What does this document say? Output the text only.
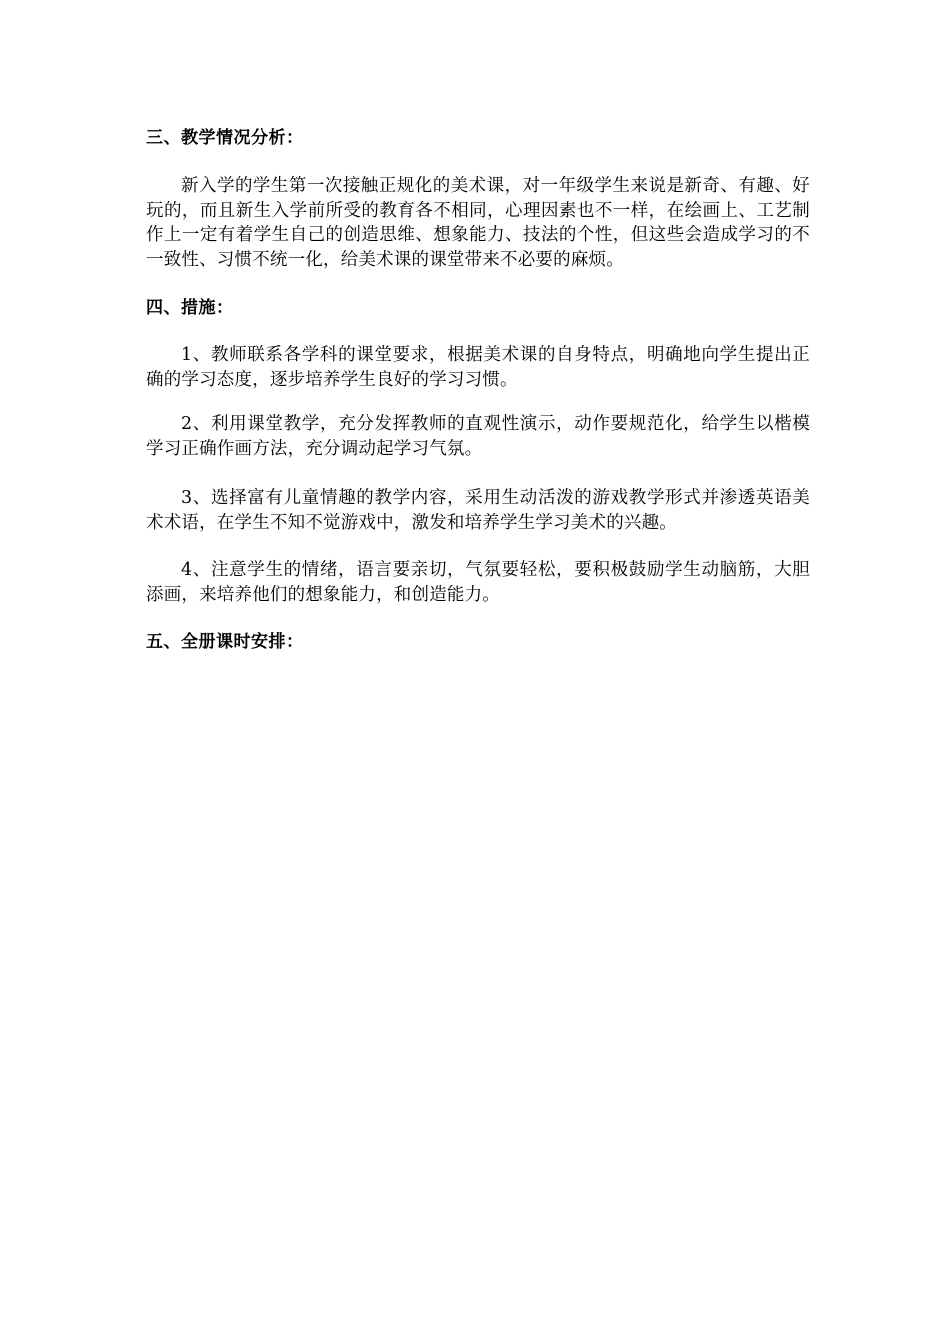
三、教学情况分析：
新入学的学生第一次接触正规化的美术课，对一年级学生来说是新奇、有趣、好玩的，而且新生入学前所受的教育各不相同，心理因素也不一样，在绘画上、工艺制作上一定有着学生自己的创造思维、想象能力、技法的个性，但这些会造成学习的不一致性、习惯不统一化，给美术课的课堂带来不必要的麻烦。
四、措施：
1、教师联系各学科的课堂要求，根据美术课的自身特点，明确地向学生提出正确的学习态度，逐步培养学生良好的学习习惯。
2、利用课堂教学，充分发挥教师的直观性演示，动作要规范化，给学生以楷模学习正确作画方法，充分调动起学习气氛。
3、选择富有儿童情趣的教学内容，采用生动活泼的游戏教学形式并渗透英语美术术语，在学生不知不觉游戏中，激发和培养学生学习美术的兴趣。
4、注意学生的情绪，语言要亲切，气氛要轻松，要积极鼓励学生动脑筋，大胆添画，来培养他们的想象能力，和创造能力。
五、全册课时安排：
